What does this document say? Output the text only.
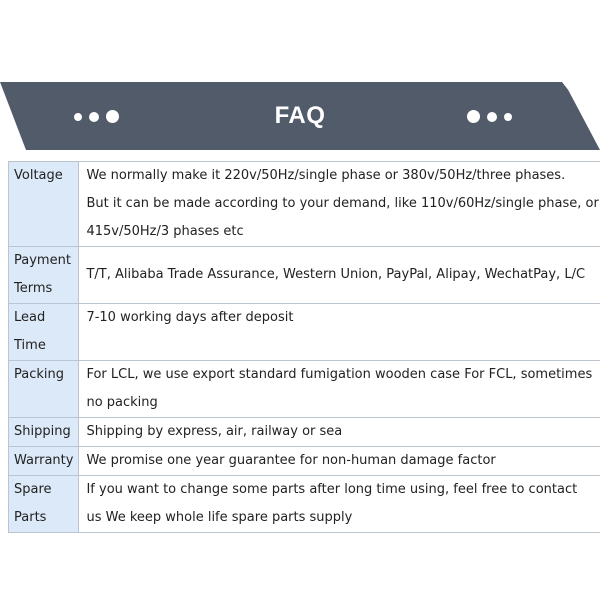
FAQ
Voltage	We normally make it 220v/50Hz/single phase or 380v/50Hz/three phases.
But it can be made according to your demand, like 110v/60Hz/single phase, or
415v/50Hz/3 phases etc

Payment Terms	T/T, Alibaba Trade Assurance, Western Union, PayPal, Alipay, WechatPay, L/C

Lead Time	7-10 working days after deposit

Packing	For LCL, we use export standard fumigation wooden case For FCL, sometimes
no packing

Shipping	Shipping by express, air, railway or sea

Warranty	We promise one year guarantee for non-human damage factor

Spare Parts	If you want to change some parts after long time using, feel free to contact
us We keep whole life spare parts supply
